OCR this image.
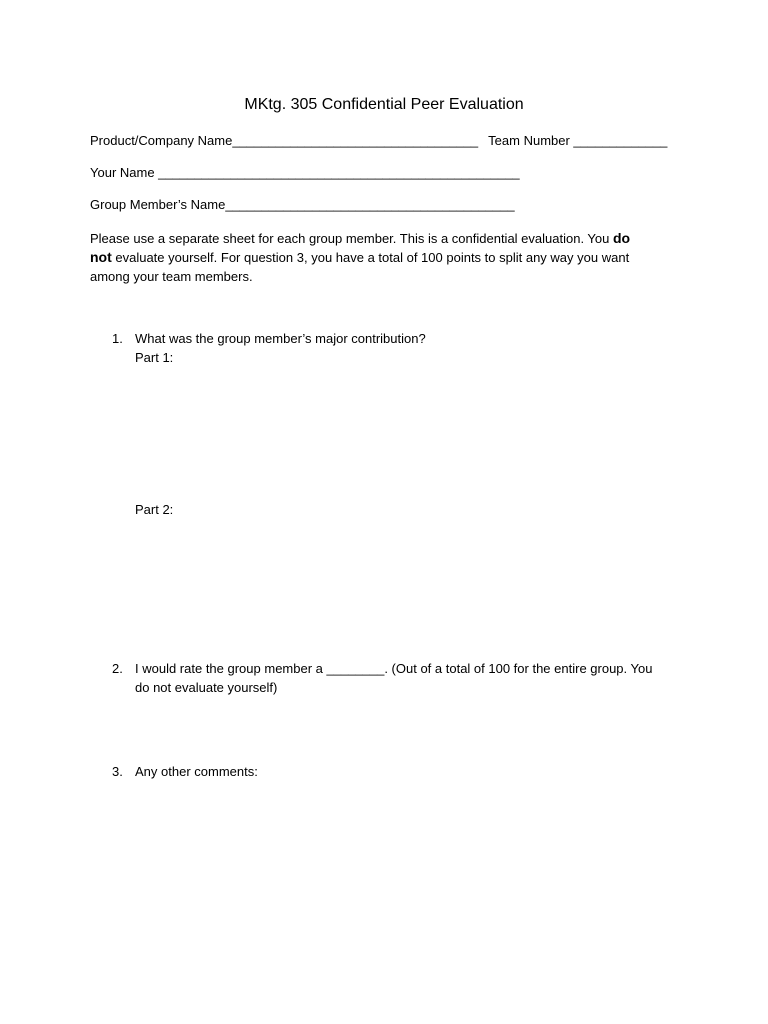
MKtg. 305 Confidential Peer Evaluation
Product/Company Name__________________________________ Team Number _____________
Your Name __________________________________________________
Group Member’s Name________________________________________
Please use a separate sheet for each group member. This is a confidential evaluation. You do
not evaluate yourself. For question 3, you have a total of 100 points to split any way you want among your team members.
1. What was the group member’s major contribution?
Part 1:
Part 2:
2. I would rate the group member a ________. (Out of a total of 100 for the entire group. You do not evaluate yourself)
3. Any other comments:
